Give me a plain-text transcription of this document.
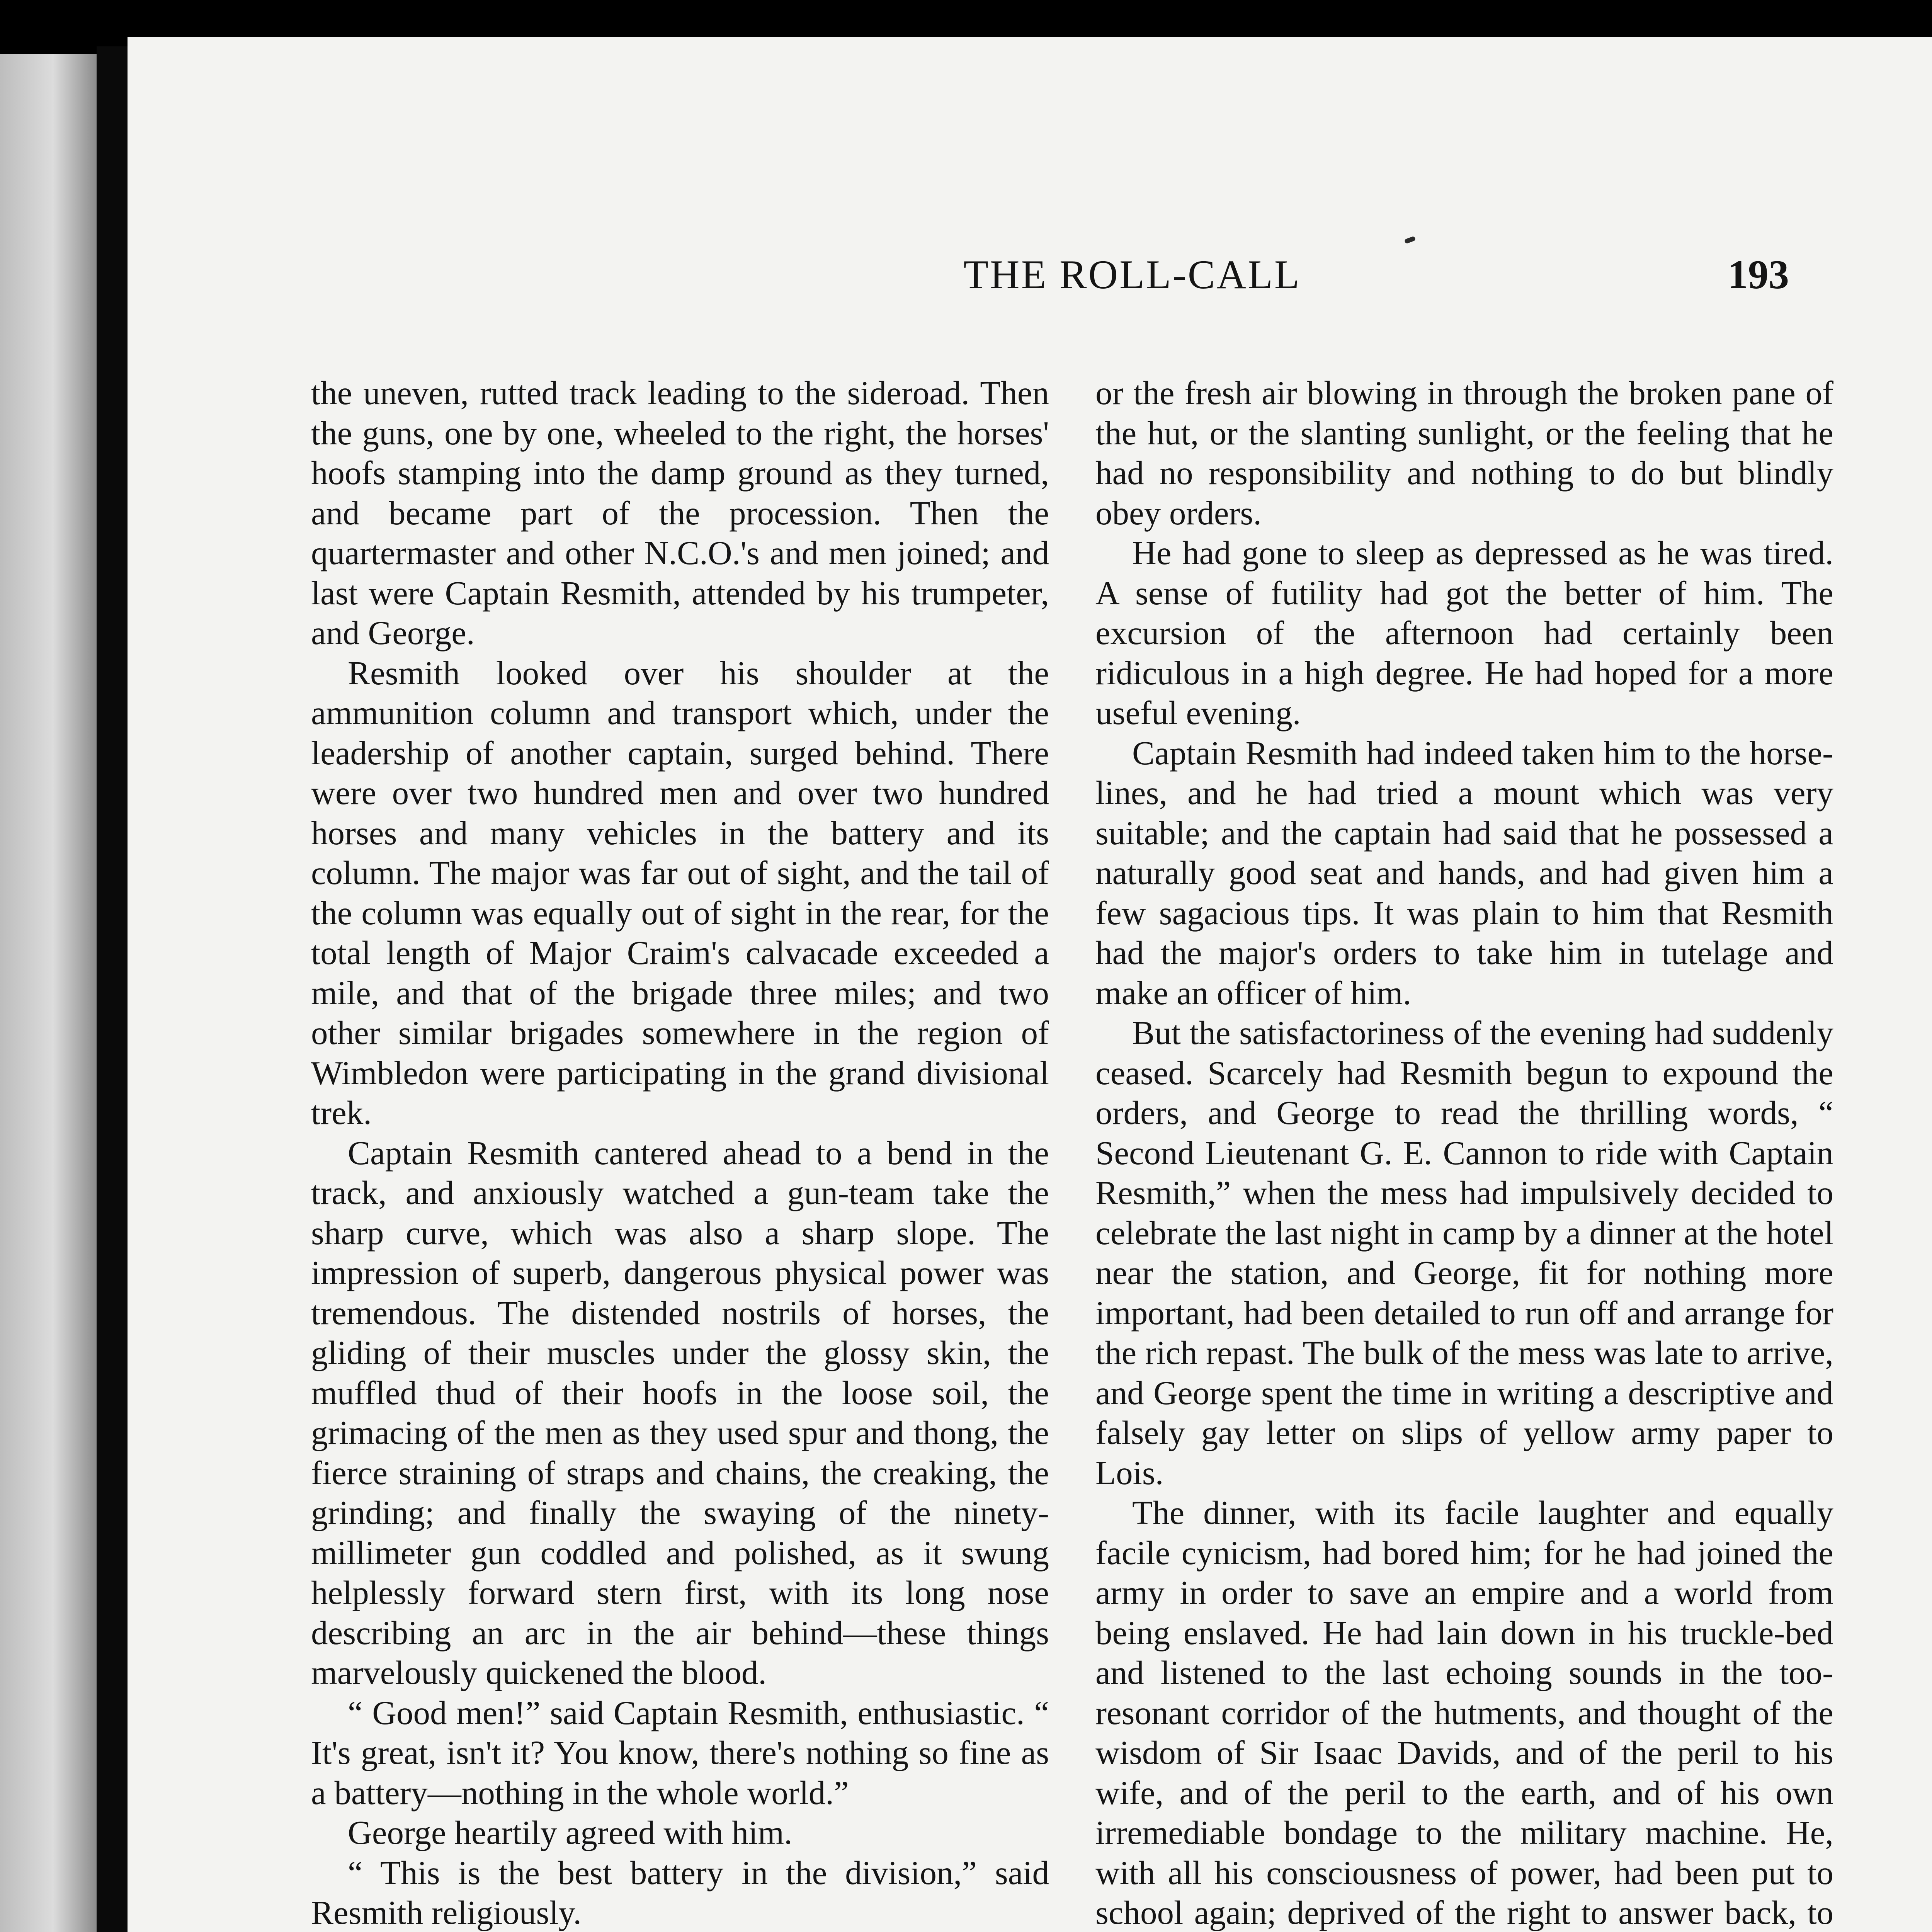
THE ROLL-CALL	193

the uneven, rutted track leading to the sideroad. Then the guns, one by one, wheeled to the right, the horses' hoofs stamping into the damp ground as they turned, and became part of the procession. Then the quartermaster and other N.C.O.'s and men joined; and last were Captain Resmith, attended by his trumpeter, and George.

Resmith looked over his shoulder at the ammunition column and transport which, under the leadership of another captain, surged behind. There were over two hundred men and over two hundred horses and many vehicles in the battery and its column. The major was far out of sight, and the tail of the column was equally out of sight in the rear, for the total length of Major Craim's calvacade exceeded a mile, and that of the brigade three miles; and two other similar brigades somewhere in the region of Wimbledon were participating in the grand divisional trek.

Captain Resmith cantered ahead to a bend in the track, and anxiously watched a gun-team take the sharp curve, which was also a sharp slope. The impression of superb, dangerous physical power was tremendous. The distended nostrils of horses, the gliding of their muscles under the glossy skin, the muffled thud of their hoofs in the loose soil, the grimacing of the men as they used spur and thong, the fierce straining of straps and chains, the creaking, the grinding; and finally the swaying of the ninety-millimeter gun coddled and polished, as it swung helplessly forward stern first, with its long nose describing an arc in the air behind—these things marvelously quickened the blood.

“ Good men!” said Captain Resmith, enthusiastic. “ It's great, isn't it? You know, there's nothing so fine as a battery—nothing in the whole world.”

George heartily agreed with him.

“ This is the best battery in the division,” said Resmith religiously.

or the fresh air blowing in through the broken pane of the hut, or the slanting sunlight, or the feeling that he had no responsibility and nothing to do but blindly obey orders.

He had gone to sleep as depressed as he was tired. A sense of futility had got the better of him. The excursion of the afternoon had certainly been ridiculous in a high degree. He had hoped for a more useful evening.

Captain Resmith had indeed taken him to the horse-lines, and he had tried a mount which was very suitable; and the captain had said that he possessed a naturally good seat and hands, and had given him a few sagacious tips. It was plain to him that Resmith had the major's orders to take him in tutelage and make an officer of him.

But the satisfactoriness of the evening had suddenly ceased. Scarcely had Resmith begun to expound the orders, and George to read the thrilling words, “ Second Lieutenant G. E. Cannon to ride with Captain Resmith,” when the mess had impulsively decided to celebrate the last night in camp by a dinner at the hotel near the station, and George, fit for nothing more important, had been detailed to run off and arrange for the rich repast. The bulk of the mess was late to arrive, and George spent the time in writing a descriptive and falsely gay letter on slips of yellow army paper to Lois.

The dinner, with its facile laughter and equally facile cynicism, had bored him; for he had joined the army in order to save an empire and a world from being enslaved. He had lain down in his truckle-bed and listened to the last echoing sounds in the too-resonant corridor of the hutments, and thought of the wisdom of Sir Isaac Davids, and of the peril to his wife, and of the peril to the earth, and of his own irremediable bondage to the military machine. He, with all his consciousness of power, had been put to school again; deprived of the right to answer back, to
